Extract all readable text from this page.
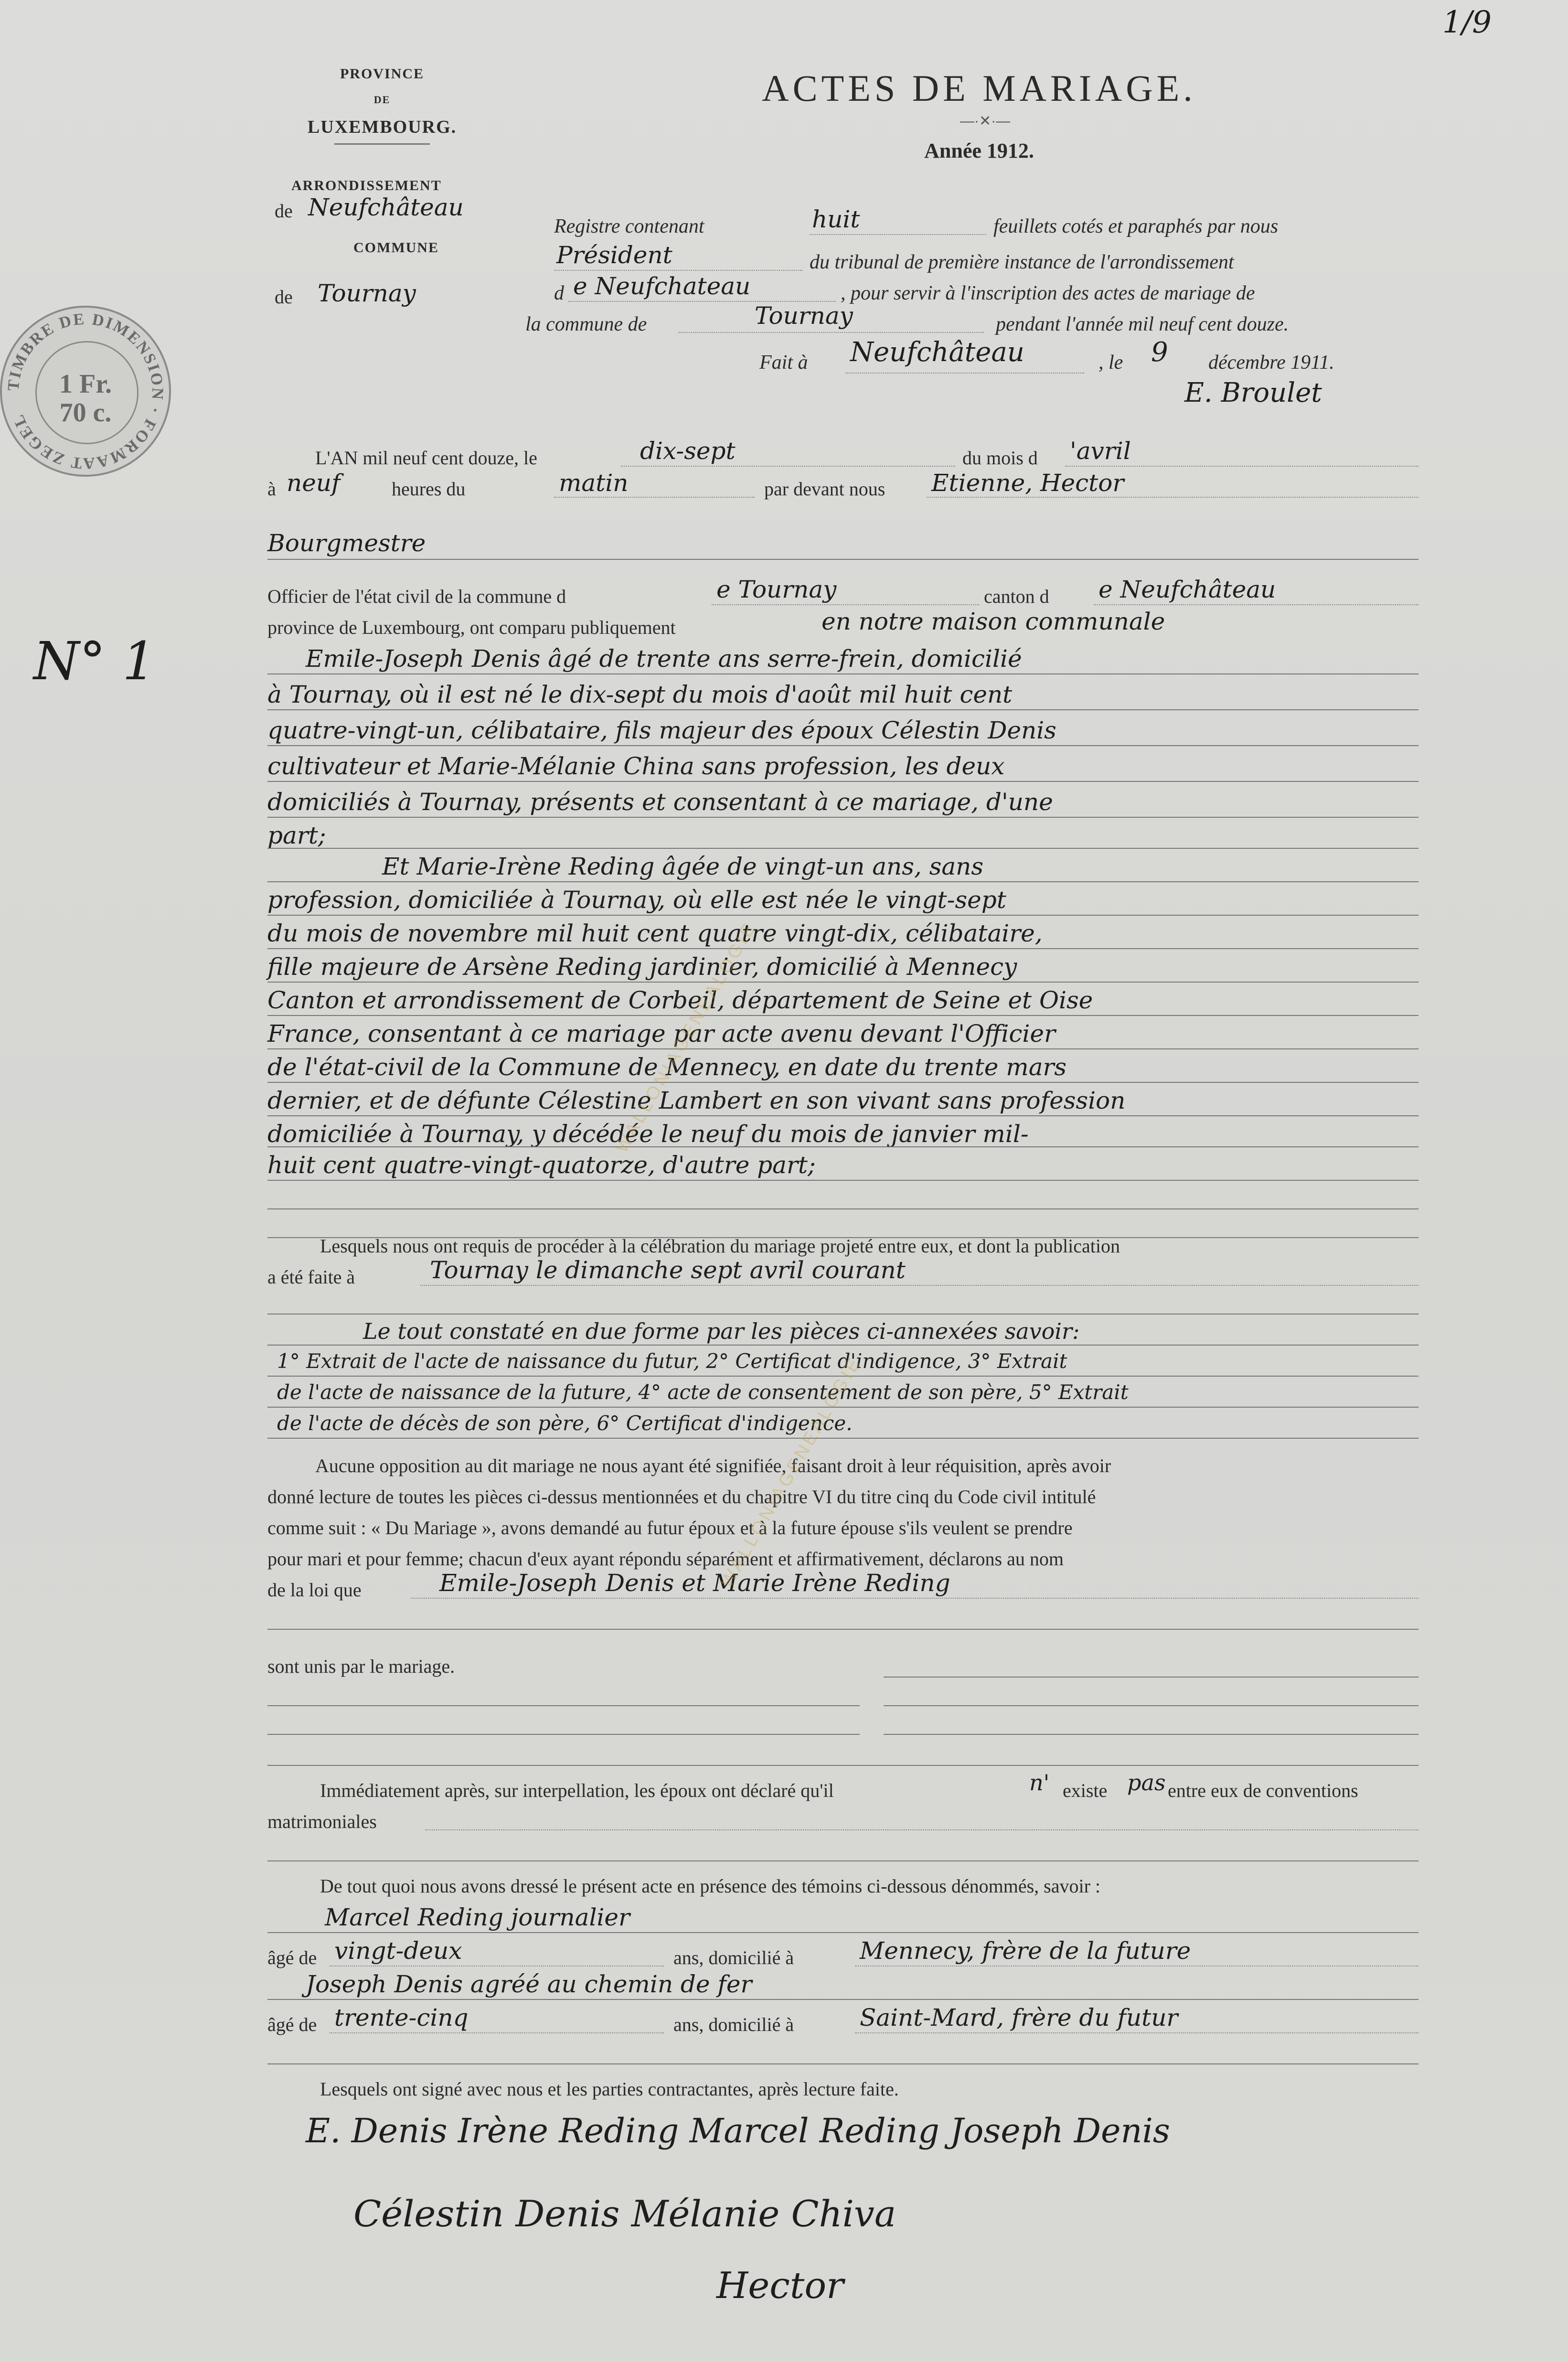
1/9
PROVINCE
DE
LUXEMBOURG.
ARRONDISSEMENT
de Neufchâteau
COMMUNE
de Tournay
ACTES DE MARIAGE.
—·✕·—
Année 1912.
TIMBRE DE DIMENSION · FORMAAT ZEGEL
1 Fr.
70 c.
Registre contenant	huit	feuillets cotés et paraphés par nous
Président	du tribunal de première instance de l'arrondissement
d e Neufchateau	, pour servir à l'inscription des actes de mariage de
la commune de	Tournay	pendant l'année mil neuf cent douze.
Fait à Neufchâteau	, le 9 décembre 1911.
E. Broulet
N° 1
L'AN mil neuf cent douze, le	dix-sept	du mois d 'avril
à neuf	heures du	matin	par devant nous Etienne, Hector
Bourgmestre
Officier de l'état civil de la commune d	e Tournay	canton d e Neufchâteau
province de Luxembourg, ont comparu publiquement	en notre maison communale
Emile-Joseph Denis âgé de trente ans serre-frein, domicilié
à Tournay, où il est né le dix-sept du mois d'août mil huit cent
quatre-vingt-un, célibataire, fils majeur des époux Célestin Denis
cultivateur et Marie-Mélanie China sans profession, les deux
domiciliés à Tournay, présents et consentant à ce mariage, d'une
part;
Et Marie-Irène Reding âgée de vingt-un ans, sans
profession, domiciliée à Tournay, où elle est née le vingt-sept
du mois de novembre mil huit cent quatre vingt-dix, célibataire,
fille majeure de Arsène Reding jardinier, domicilié à Mennecy
Canton et arrondissement de Corbeil, département de Seine et Oise
France, consentant à ce mariage par acte avenu devant l'Officier
de l'état-civil de la Commune de Mennecy, en date du trente mars
dernier, et de défunte Célestine Lambert en son vivant sans profession
domiciliée à Tournay, y décédée le neuf du mois de janvier mil-
huit cent quatre-vingt-quatorze, d'autre part;
Lesquels nous ont requis de procéder à la célébration du mariage projeté entre eux, et dont la publication
a été faite à	Tournay le dimanche sept avril courant
Le tout constaté en due forme par les pièces ci-annexées savoir:
1° Extrait de l'acte de naissance du futur, 2° Certificat d'indigence, 3° Extrait
de l'acte de naissance de la future, 4° acte de consentement de son père, 5° Extrait
de l'acte de décès de son père, 6° Certificat d'indigence.
Aucune opposition au dit mariage ne nous ayant été signifiée, faisant droit à leur réquisition, après avoir
donné lecture de toutes les pièces ci-dessus mentionnées et du chapitre VI du titre cinq du Code civil intitulé
comme suit : « Du Mariage », avons demandé au futur époux et à la future épouse s'ils veulent se prendre
pour mari et pour femme; chacun d'eux ayant répondu séparément et affirmativement, déclarons au nom
de la loi que	Emile-Joseph Denis et Marie Irène Reding
sont unis par le mariage.
Immédiatement après, sur interpellation, les époux ont déclaré qu'il	n' existe pas entre eux de conventions
matrimoniales
De tout quoi nous avons dressé le présent acte en présence des témoins ci-dessous dénommés, savoir :
Marcel Reding journalier
âgé de vingt-deux	ans, domicilié à	Mennecy, frère de la future
Joseph Denis agréé au chemin de fer
âgé de trente-cinq	ans, domicilié à	Saint-Mard, frère du futur
Lesquels ont signé avec nous et les parties contractantes, après lecture faite.
E. Denis Irène Reding Marcel Reding Joseph Denis
Célestin Denis Mélanie Chiva
Hector
WALLONIAGENEALOGIE
WALLONIAGENEALOGIE
